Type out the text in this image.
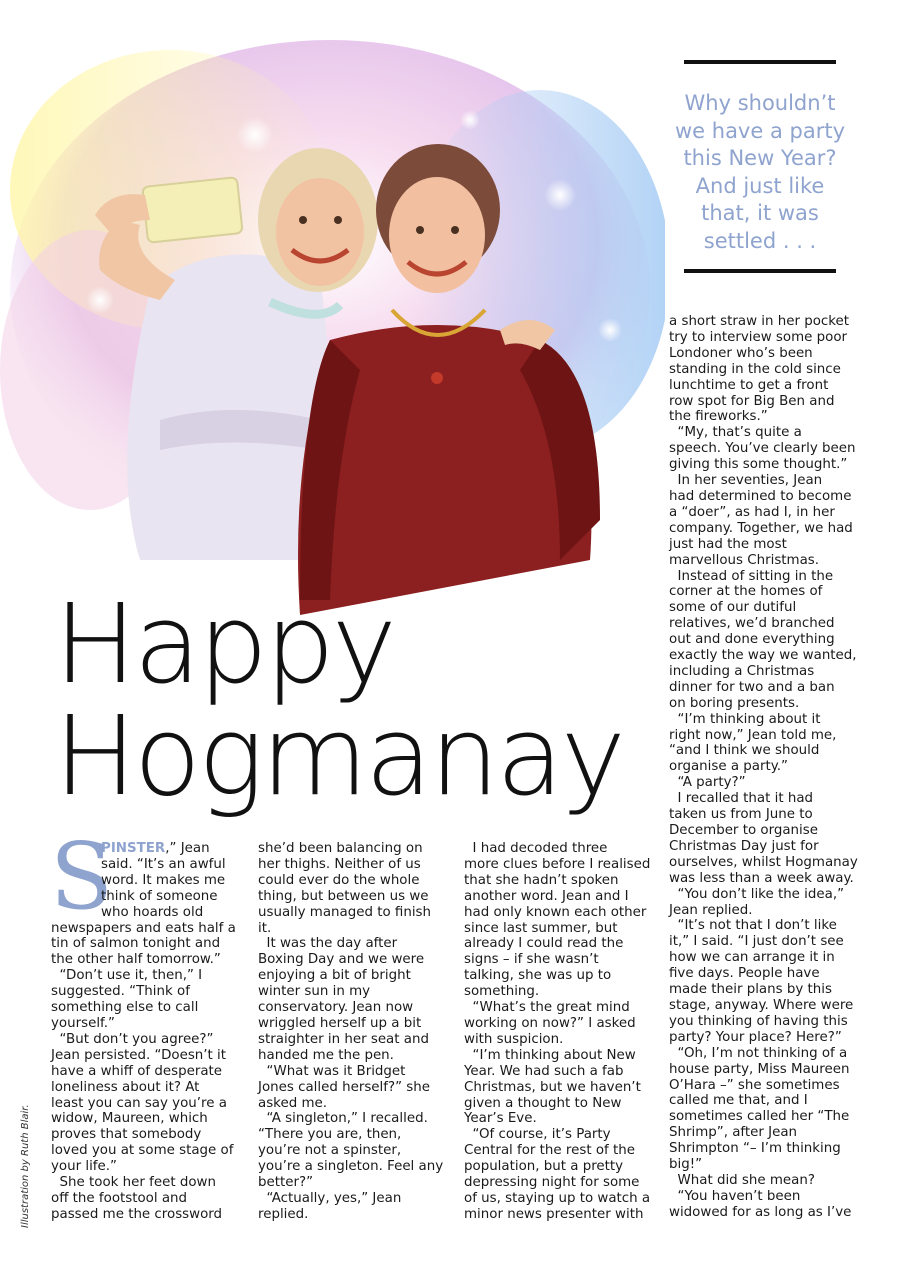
Why shouldn’t
we have a party
this New Year?
And just like
that, it was
settled . . .
Happy
Hogmanay
S
PINSTER,” Jean
said. “It’s an awful
word. It makes me
think of someone
who hoards old
newspapers and eats half a
tin of salmon tonight and
the other half tomorrow.”
“Don’t use it, then,” I
suggested. “Think of
something else to call
yourself.”
“But don’t you agree?”
Jean persisted. “Doesn’t it
have a whiff of desperate
loneliness about it? At
least you can say you’re a
widow, Maureen, which
proves that somebody
loved you at some stage of
your life.”
She took her feet down
off the footstool and
passed me the crossword
she’d been balancing on
her thighs. Neither of us
could ever do the whole
thing, but between us we
usually managed to finish
it.
It was the day after
Boxing Day and we were
enjoying a bit of bright
winter sun in my
conservatory. Jean now
wriggled herself up a bit
straighter in her seat and
handed me the pen.
“What was it Bridget
Jones called herself?” she
asked me.
“A singleton,” I recalled.
“There you are, then,
you’re not a spinster,
you’re a singleton. Feel any
better?”
“Actually, yes,” Jean
replied.
I had decoded three
more clues before I realised
that she hadn’t spoken
another word. Jean and I
had only known each other
since last summer, but
already I could read the
signs – if she wasn’t
talking, she was up to
something.
“What’s the great mind
working on now?” I asked
with suspicion.
“I’m thinking about New
Year. We had such a fab
Christmas, but we haven’t
given a thought to New
Year’s Eve.
“Of course, it’s Party
Central for the rest of the
population, but a pretty
depressing night for some
of us, staying up to watch a
minor news presenter with
a short straw in her pocket
try to interview some poor
Londoner who’s been
standing in the cold since
lunchtime to get a front
row spot for Big Ben and
the fireworks.”
“My, that’s quite a
speech. You’ve clearly been
giving this some thought.”
In her seventies, Jean
had determined to become
a “doer”, as had I, in her
company. Together, we had
just had the most
marvellous Christmas.
Instead of sitting in the
corner at the homes of
some of our dutiful
relatives, we’d branched
out and done everything
exactly the way we wanted,
including a Christmas
dinner for two and a ban
on boring presents.
“I’m thinking about it
right now,” Jean told me,
“and I think we should
organise a party.”
“A party?”
I recalled that it had
taken us from June to
December to organise
Christmas Day just for
ourselves, whilst Hogmanay
was less than a week away.
“You don’t like the idea,”
Jean replied.
“It’s not that I don’t like
it,” I said. “I just don’t see
how we can arrange it in
five days. People have
made their plans by this
stage, anyway. Where were
you thinking of having this
party? Your place? Here?”
“Oh, I’m not thinking of a
house party, Miss Maureen
O’Hara –” she sometimes
called me that, and I
sometimes called her “The
Shrimp”, after Jean
Shrimpton “– I’m thinking
big!”
What did she mean?
“You haven’t been
widowed for as long as I’ve
Illustration by Ruth Blair.
